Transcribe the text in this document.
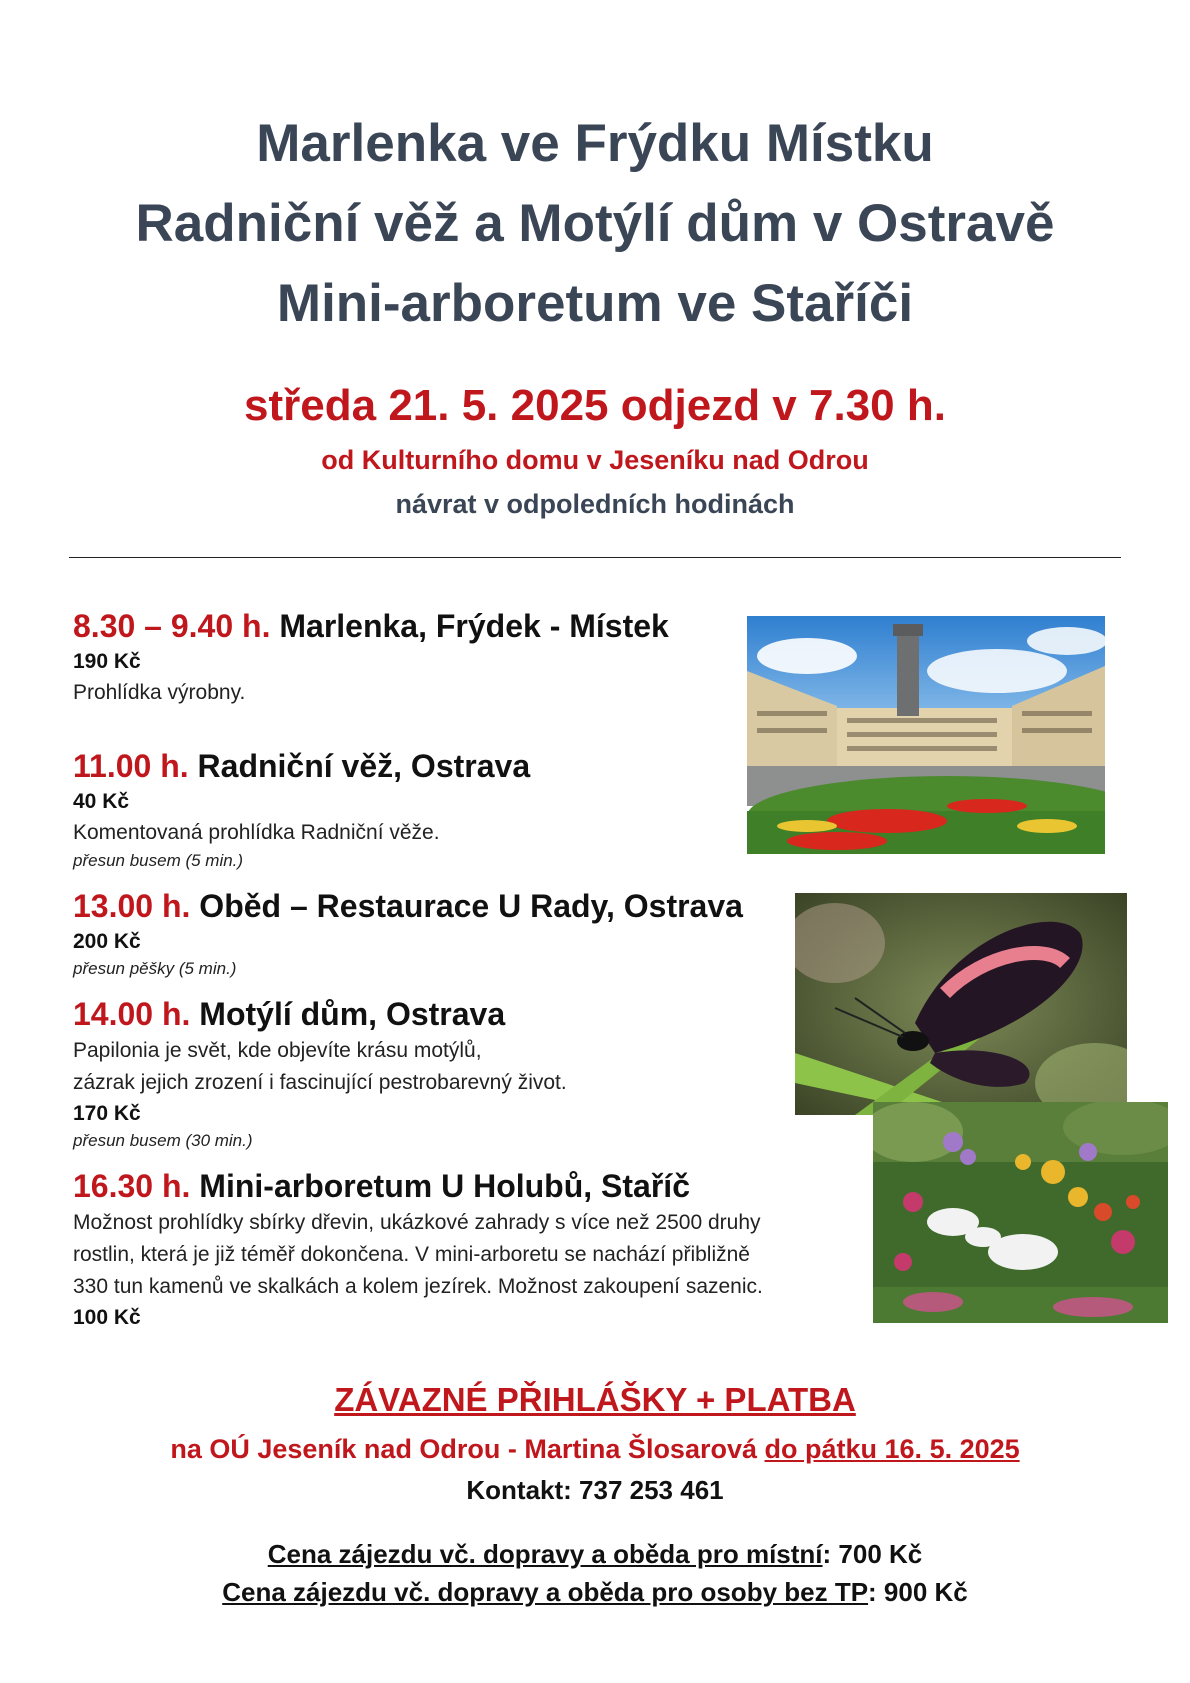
Marlenka ve Frýdku Místku
Radniční věž a Motýlí dům v Ostravě
Mini-arboretum ve Staříči
středa 21. 5. 2025 odjezd v 7.30 h.
od Kulturního domu v Jeseníku nad Odrou
návrat v odpoledních hodinách
8.30 – 9.40 h. Marlenka, Frýdek - Místek
190 Kč
Prohlídka výrobny.
11.00 h. Radniční věž, Ostrava
40 Kč
Komentovaná prohlídka Radniční věže.
přesun busem (5 min.)
13.00 h. Oběd – Restaurace U Rady, Ostrava
200 Kč
přesun pěšky (5 min.)
14.00 h. Motýlí dům, Ostrava
Papilonia je svět, kde objevíte krásu motýlů,
zázrak jejich zrození i fascinující pestrobarevný život.
170 Kč
přesun busem (30 min.)
16.30 h. Mini-arboretum U Holubů, Staříč
Možnost prohlídky sbírky dřevin, ukázkové zahrady s více než 2500 druhy
rostlin, která je již téměř dokončena. V mini-arboretu se nachází přibližně
330 tun kamenů ve skalkách a kolem jezírek. Možnost zakoupení sazenic.
100 Kč
ZÁVAZNÉ PŘIHLÁŠKY + PLATBA
na OÚ Jeseník nad Odrou - Martina Šlosarová do pátku 16. 5. 2025
Kontakt: 737 253 461
Cena zájezdu vč. dopravy a oběda pro místní: 700 Kč
Cena zájezdu vč. dopravy a oběda pro osoby bez TP: 900 Kč
